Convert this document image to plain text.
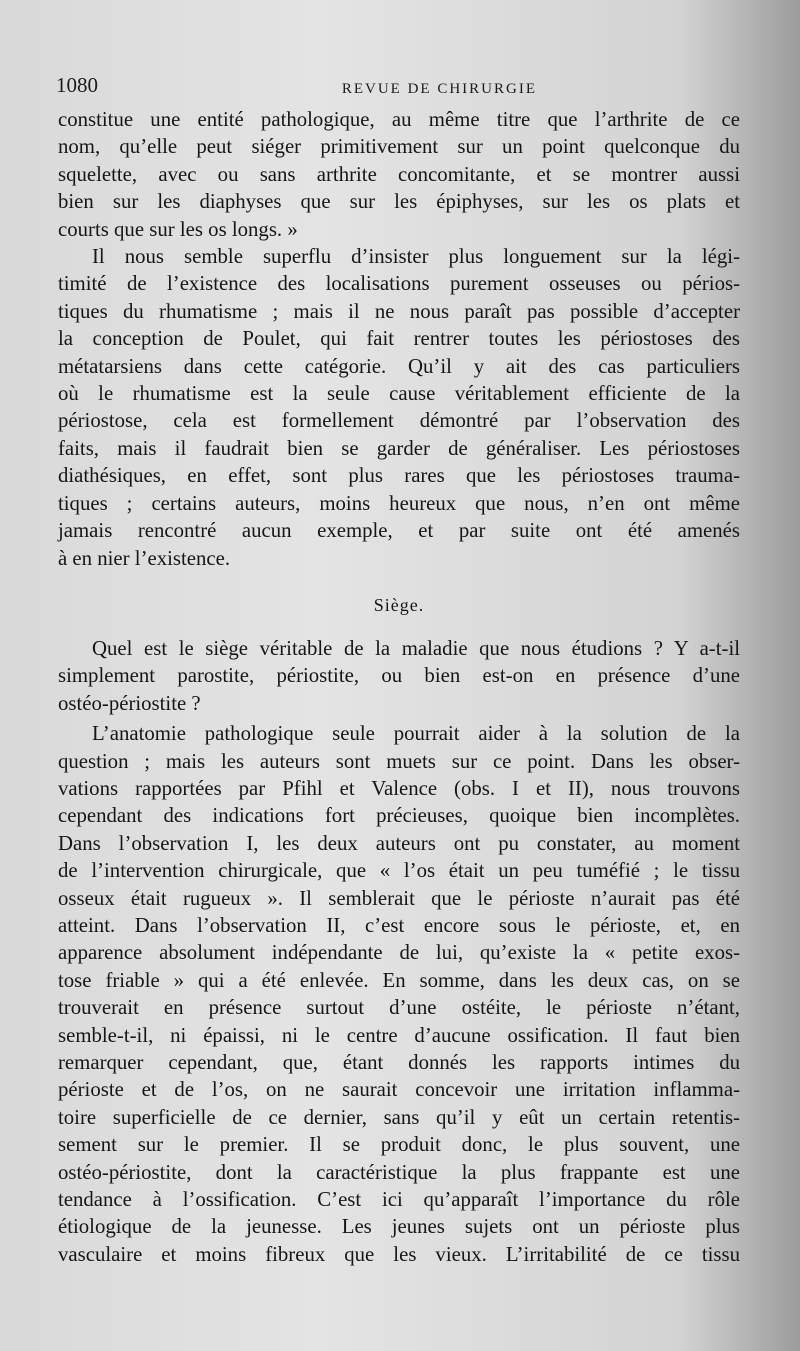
1080	REVUE DE CHIRURGIE
constitue une entité pathologique, au même titre que l’arthrite de ce
nom, qu’elle peut siéger primitivement sur un point quelconque du
squelette, avec ou sans arthrite concomitante, et se montrer aussi
bien sur les diaphyses que sur les épiphyses, sur les os plats et
courts que sur les os longs. »
Il nous semble superflu d’insister plus longuement sur la légi-
timité de l’existence des localisations purement osseuses ou périos-
tiques du rhumatisme ; mais il ne nous paraît pas possible d’accepter
la conception de Poulet, qui fait rentrer toutes les périostoses des
métatarsiens dans cette catégorie. Qu’il y ait des cas particuliers
où le rhumatisme est la seule cause véritablement efficiente de la
périostose, cela est formellement démontré par l’observation des
faits, mais il faudrait bien se garder de généraliser. Les périostoses
diathésiques, en effet, sont plus rares que les périostoses trauma-
tiques ; certains auteurs, moins heureux que nous, n’en ont même
jamais rencontré aucun exemple, et par suite ont été amenés
à en nier l’existence.
Siège.
Quel est le siège véritable de la maladie que nous étudions ? Y a-t-il
simplement parostite, périostite, ou bien est-on en présence d’une
ostéo-périostite ?
L’anatomie pathologique seule pourrait aider à la solution de la
question ; mais les auteurs sont muets sur ce point. Dans les obser-
vations rapportées par Pfihl et Valence (obs. I et II), nous trouvons
cependant des indications fort précieuses, quoique bien incomplètes.
Dans l’observation I, les deux auteurs ont pu constater, au moment
de l’intervention chirurgicale, que « l’os était un peu tuméfié ; le tissu
osseux était rugueux ». Il semblerait que le périoste n’aurait pas été
atteint. Dans l’observation II, c’est encore sous le périoste, et, en
apparence absolument indépendante de lui, qu’existe la « petite exos-
tose friable » qui a été enlevée. En somme, dans les deux cas, on se
trouverait en présence surtout d’une ostéite, le périoste n’étant,
semble-t-il, ni épaissi, ni le centre d’aucune ossification. Il faut bien
remarquer cependant, que, étant donnés les rapports intimes du
périoste et de l’os, on ne saurait concevoir une irritation inflamma-
toire superficielle de ce dernier, sans qu’il y eût un certain retentis-
sement sur le premier. Il se produit donc, le plus souvent, une
ostéo-périostite, dont la caractéristique la plus frappante est une
tendance à l’ossification. C’est ici qu’apparaît l’importance du rôle
étiologique de la jeunesse. Les jeunes sujets ont un périoste plus
vasculaire et moins fibreux que les vieux. L’irritabilité de ce tissu
